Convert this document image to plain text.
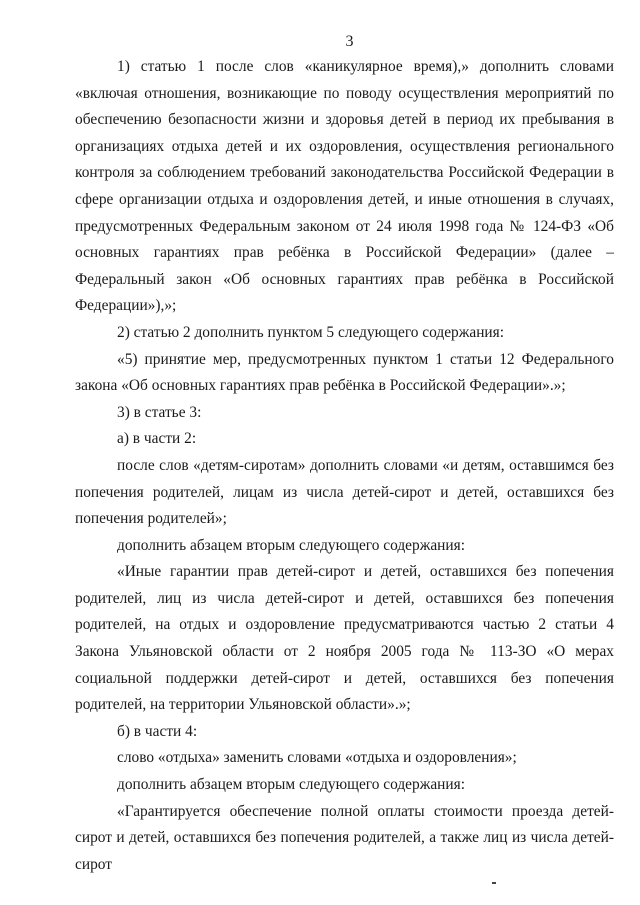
3

1) статью 1 после слов «каникулярное время),» дополнить словами «включая отношения, возникающие по поводу осуществления мероприятий по обеспечению безопасности жизни и здоровья детей в период их пребывания в организациях отдыха детей и их оздоровления, осуществления регионального контроля за соблюдением требований законодательства Российской Федерации в сфере организации отдыха и оздоровления детей, и иные отношения в случаях, предусмотренных Федеральным законом от 24 июля 1998 года № 124-ФЗ «Об основных гарантиях прав ребёнка в Российской Федерации» (далее – Федеральный закон «Об основных гарантиях прав ребёнка в Российской Федерации»),»;

2) статью 2 дополнить пунктом 5 следующего содержания:

«5) принятие мер, предусмотренных пунктом 1 статьи 12 Федерального закона «Об основных гарантиях прав ребёнка в Российской Федерации».»;

3) в статье 3:

а) в части 2:

после слов «детям-сиротам» дополнить словами «и детям, оставшимся без попечения родителей, лицам из числа детей-сирот и детей, оставшихся без попечения родителей»;

дополнить абзацем вторым следующего содержания:

«Иные гарантии прав детей-сирот и детей, оставшихся без попечения родителей, лиц из числа детей-сирот и детей, оставшихся без попечения родителей, на отдых и оздоровление предусматриваются частью 2 статьи 4 Закона Ульяновской области от 2 ноября 2005 года № 113-ЗО «О мерах социальной поддержки детей-сирот и детей, оставшихся без попечения родителей, на территории Ульяновской области».»;

б) в части 4:

слово «отдыха» заменить словами «отдыха и оздоровления»;

дополнить абзацем вторым следующего содержания:

«Гарантируется обеспечение полной оплаты стоимости проезда детей-сирот и детей, оставшихся без попечения родителей, а также лиц из числа детей-сирот
